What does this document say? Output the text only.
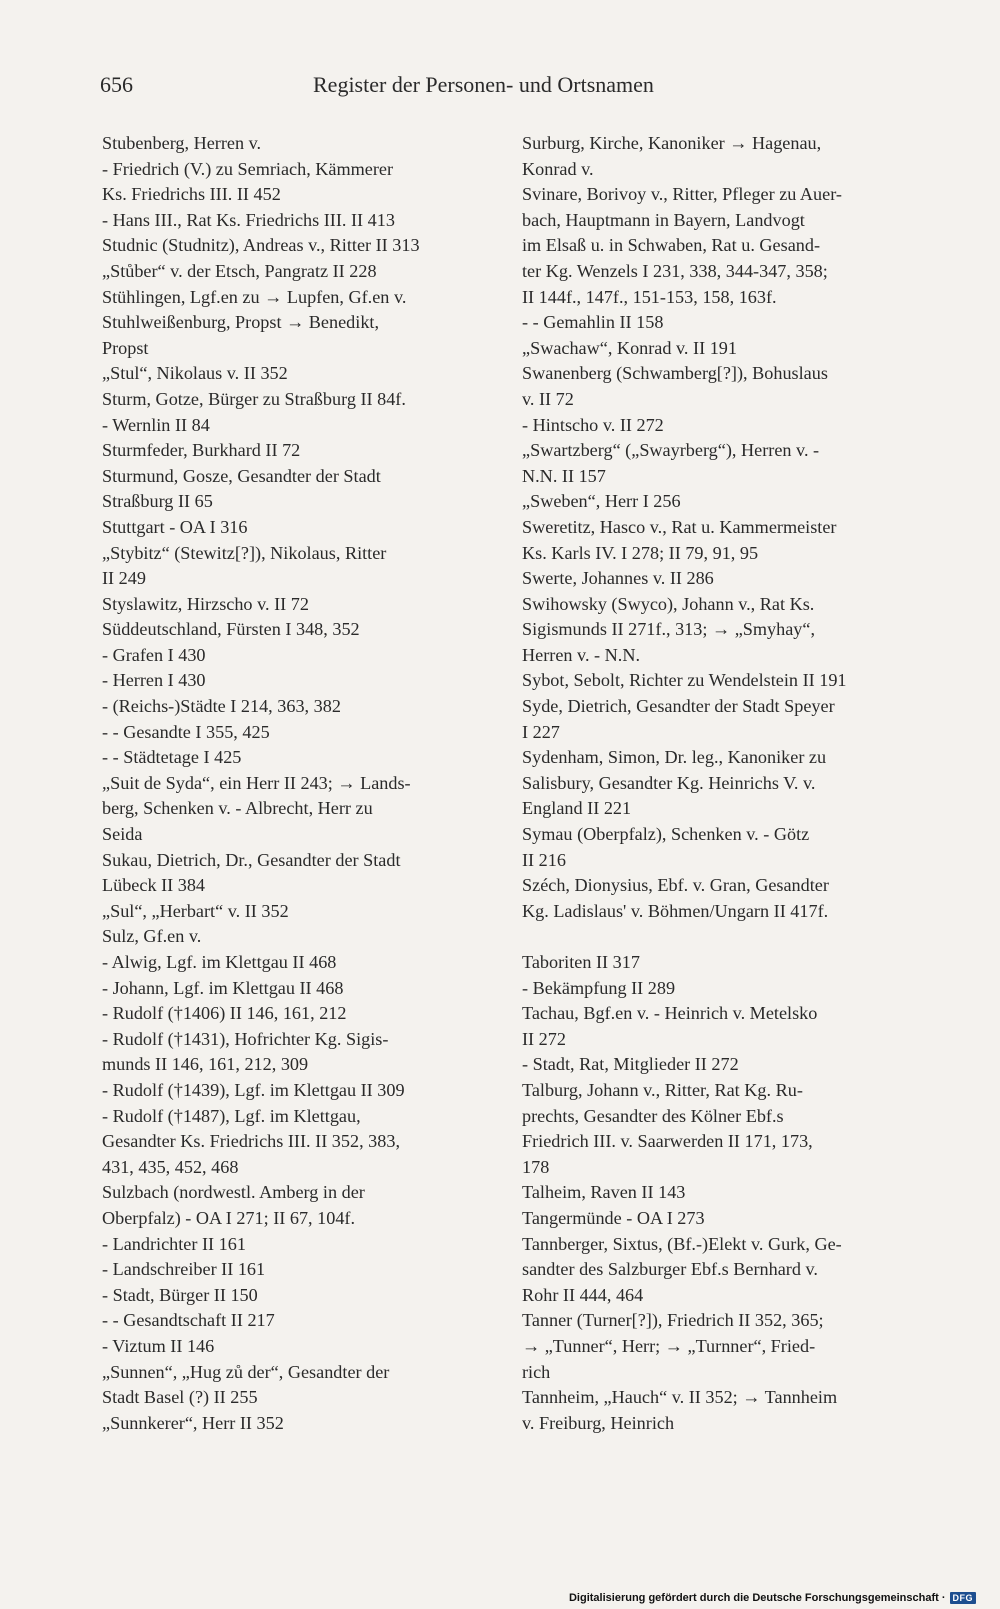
656	Register der Personen- und Ortsnamen
Stubenberg, Herren v.
- Friedrich (V.) zu Semriach, Kämmerer
Ks. Friedrichs III. II 452
- Hans III., Rat Ks. Friedrichs III. II 413
Studnic (Studnitz), Andreas v., Ritter II 313
„Stůber“ v. der Etsch, Pangratz II 228
Stühlingen, Lgf.en zu → Lupfen, Gf.en v.
Stuhlweißenburg, Propst → Benedikt,
Propst
„Stul“, Nikolaus v. II 352
Sturm, Gotze, Bürger zu Straßburg II 84f.
- Wernlin II 84
Sturmfeder, Burkhard II 72
Sturmund, Gosze, Gesandter der Stadt
Straßburg II 65
Stuttgart - OA I 316
„Stybitz“ (Stewitz[?]), Nikolaus, Ritter
II 249
Styslawitz, Hirzscho v. II 72
Süddeutschland, Fürsten I 348, 352
- Grafen I 430
- Herren I 430
- (Reichs-)Städte I 214, 363, 382
- - Gesandte I 355, 425
- - Städtetage I 425
„Suit de Syda“, ein Herr II 243; → Lands-
berg, Schenken v. - Albrecht, Herr zu
Seida
Sukau, Dietrich, Dr., Gesandter der Stadt
Lübeck II 384
„Sul“, „Herbart“ v. II 352
Sulz, Gf.en v.
- Alwig, Lgf. im Klettgau II 468
- Johann, Lgf. im Klettgau II 468
- Rudolf (†1406) II 146, 161, 212
- Rudolf (†1431), Hofrichter Kg. Sigis-
munds II 146, 161, 212, 309
- Rudolf (†1439), Lgf. im Klettgau II 309
- Rudolf (†1487), Lgf. im Klettgau,
Gesandter Ks. Friedrichs III. II 352, 383,
431, 435, 452, 468
Sulzbach (nordwestl. Amberg in der
Oberpfalz) - OA I 271; II 67, 104f.
- Landrichter II 161
- Landschreiber II 161
- Stadt, Bürger II 150
- - Gesandtschaft II 217
- Viztum II 146
„Sunnen“, „Hug zů der“, Gesandter der
Stadt Basel (?) II 255
„Sunnkerer“, Herr II 352
Surburg, Kirche, Kanoniker → Hagenau,
Konrad v.
Svinare, Borivoy v., Ritter, Pfleger zu Auer-
bach, Hauptmann in Bayern, Landvogt
im Elsaß u. in Schwaben, Rat u. Gesand-
ter Kg. Wenzels I 231, 338, 344-347, 358;
II 144f., 147f., 151-153, 158, 163f.
- - Gemahlin II 158
„Swachaw“, Konrad v. II 191
Swanenberg (Schwamberg[?]), Bohuslaus
v. II 72
- Hintscho v. II 272
„Swartzberg“ („Swayrberg“), Herren v. -
N.N. II 157
„Sweben“, Herr I 256
Sweretitz, Hasco v., Rat u. Kammermeister
Ks. Karls IV. I 278; II 79, 91, 95
Swerte, Johannes v. II 286
Swihowsky (Swyco), Johann v., Rat Ks.
Sigismunds II 271f., 313; → „Smyhay“,
Herren v. - N.N.
Sybot, Sebolt, Richter zu Wendelstein II 191
Syde, Dietrich, Gesandter der Stadt Speyer
I 227
Sydenham, Simon, Dr. leg., Kanoniker zu
Salisbury, Gesandter Kg. Heinrichs V. v.
England II 221
Symau (Oberpfalz), Schenken v. - Götz
II 216
Széch, Dionysius, Ebf. v. Gran, Gesandter
Kg. Ladislaus' v. Böhmen/Ungarn II 417f.
Taboriten II 317
- Bekämpfung II 289
Tachau, Bgf.en v. - Heinrich v. Metelsko
II 272
- Stadt, Rat, Mitglieder II 272
Talburg, Johann v., Ritter, Rat Kg. Ru-
prechts, Gesandter des Kölner Ebf.s
Friedrich III. v. Saarwerden II 171, 173,
178
Talheim, Raven II 143
Tangermünde - OA I 273
Tannberger, Sixtus, (Bf.-)Elekt v. Gurk, Ge-
sandter des Salzburger Ebf.s Bernhard v.
Rohr II 444, 464
Tanner (Turner[?]), Friedrich II 352, 365;
→ „Tunner“, Herr; → „Turnner“, Fried-
rich
Tannheim, „Hauch“ v. II 352; → Tannheim
v. Freiburg, Heinrich
Digitalisierung gefördert durch die Deutsche Forschungsgemeinschaft · DFG
